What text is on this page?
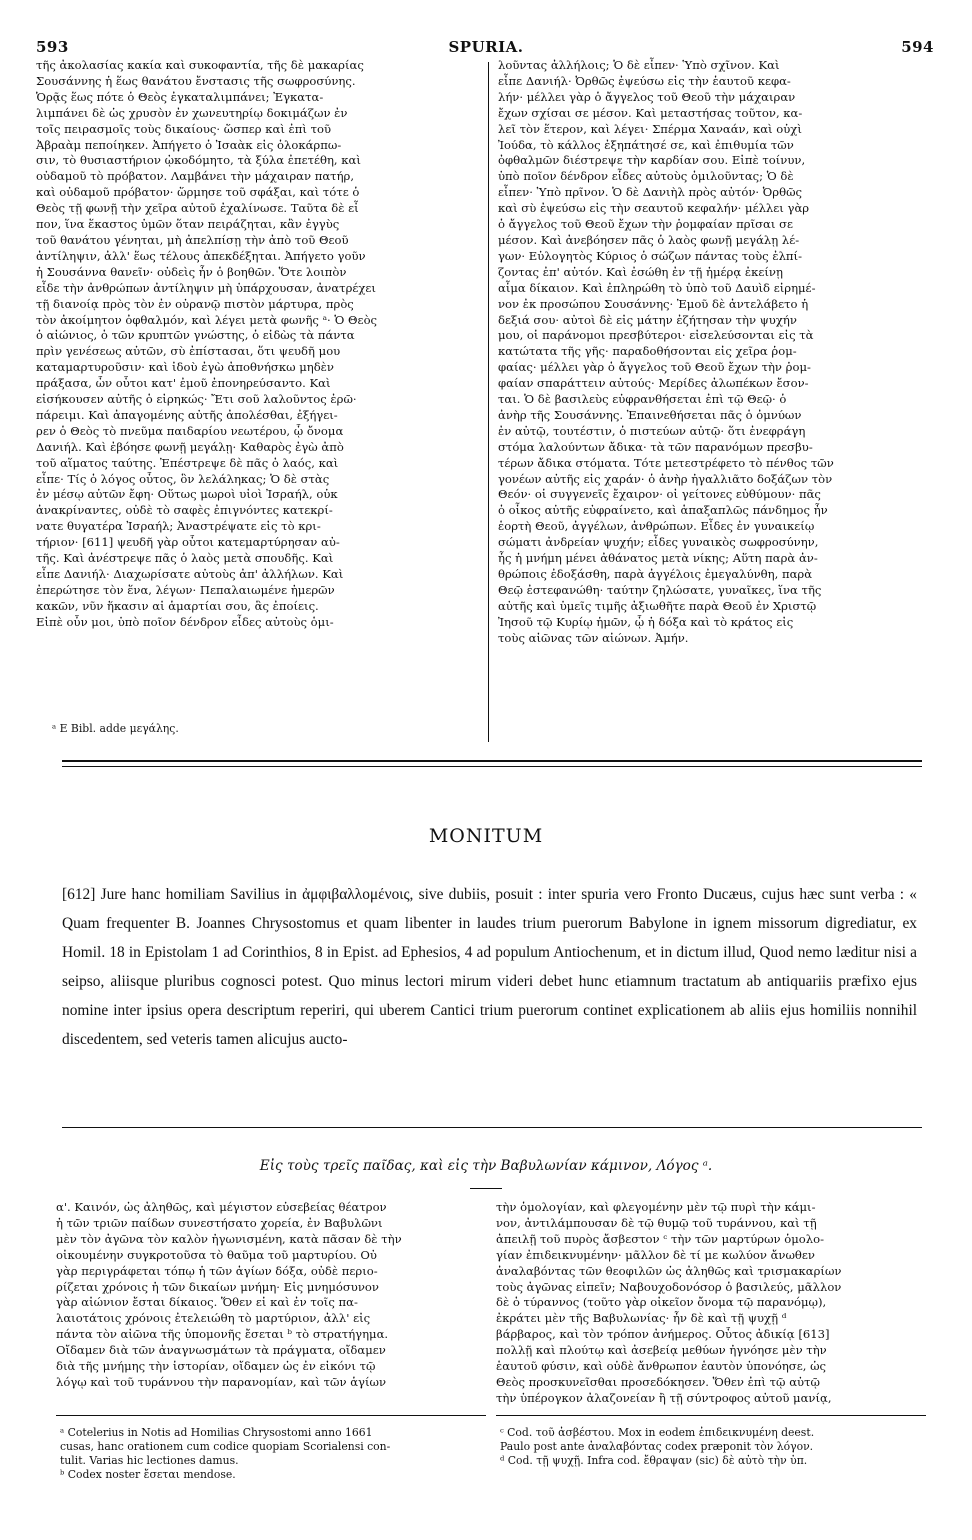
593	SPURIA.	594
τῆς ἀκολασίας κακία καὶ συκοφαντία, τῆς δὲ μακαρίας
Σουσάννης ἡ ἕως θανάτου ἔνστασις τῆς σωφροσύνης.
Ὁρᾷς ἕως πότε ὁ Θεὸς ἐγκαταλιμπάνει; Ἐγκατα-
λιμπάνει δὲ ὡς χρυσὸν ἐν χωνευτηρίῳ δοκιμάζων ἐν
τοῖς πειρασμοῖς τοὺς δικαίους· ὥσπερ καὶ ἐπὶ τοῦ
Ἀβραὰμ πεποίηκεν. Ἀπήγετο ὁ Ἰσαὰκ εἰς ὁλοκάρπω-
σιν, τὸ θυσιαστήριον ᾠκοδόμητο, τὰ ξύλα ἐπετέθη, καὶ
οὐδαμοῦ τὸ πρόβατον. Λαμβάνει τὴν μάχαιραν πατήρ,
καὶ οὐδαμοῦ πρόβατον· ὥρμησε τοῦ σφάξαι, καὶ τότε ὁ
Θεὸς τῇ φωνῇ τὴν χεῖρα αὐτοῦ ἐχαλίνωσε. Ταῦτα δὲ εἶ
πον, ἵνα ἕκαστος ὑμῶν ὅταν πειράζηται, κἂν ἐγγὺς
τοῦ θανάτου γένηται, μὴ ἀπελπίσῃ τὴν ἀπὸ τοῦ Θεοῦ
ἀντίληψιν, ἀλλ' ἕως τέλους ἀπεκδέξηται. Ἀπήγετο γοῦν
ἡ Σουσάννα θανεῖν· οὐδεὶς ἦν ὁ βοηθῶν. Ὅτε λοιπὸν
εἶδε τὴν ἀνθρώπων ἀντίληψιν μὴ ὑπάρχουσαν, ἀνατρέχει
τῇ διανοίᾳ πρὸς τὸν ἐν οὐρανῷ πιστὸν μάρτυρα, πρὸς
τὸν ἀκοίμητον ὀφθαλμόν, καὶ λέγει μετὰ φωνῆς ᵃ· Ὁ Θεὸς
ὁ αἰώνιος, ὁ τῶν κρυπτῶν γνώστης, ὁ εἰδὼς τὰ πάντα
πρὶν γενέσεως αὐτῶν, σὺ ἐπίστασαι, ὅτι ψευδῆ μου
καταμαρτυροῦσιν· καὶ ἰδοὺ ἐγὼ ἀποθνήσκω μηδὲν
πράξασα, ὧν οὗτοι κατ' ἐμοῦ ἐπονηρεύσαντο. Καὶ
εἰσήκουσεν αὐτῆς ὁ εἰρηκώς· Ἔτι σοῦ λαλοῦντος ἐρῶ·
πάρειμι. Καὶ ἀπαγομένης αὐτῆς ἀπολέσθαι, ἐξήγει-
ρεν ὁ Θεὸς τὸ πνεῦμα παιδαρίου νεωτέρου, ᾧ ὄνομα
Δανιήλ. Καὶ ἐβόησε φωνῇ μεγάλῃ· Καθαρὸς ἐγὼ ἀπὸ
τοῦ αἵματος ταύτης. Ἐπέστρεψε δὲ πᾶς ὁ λαός, καὶ
εἶπε· Τίς ὁ λόγος οὗτος, ὃν λελάληκας; Ὁ δὲ στὰς
ἐν μέσῳ αὐτῶν ἔφη· Οὕτως μωροὶ υἱοὶ Ἰσραήλ, οὐκ
ἀνακρίναντες, οὐδὲ τὸ σαφὲς ἐπιγνόντες κατεκρί-
νατε θυγατέρα Ἰσραήλ; Ἀναστρέψατε εἰς τὸ κρι-
τήριον· [611] ψευδῆ γὰρ οὗτοι κατεμαρτύρησαν αὐ-
τῆς. Καὶ ἀνέστρεψε πᾶς ὁ λαὸς μετὰ σπουδῆς. Καὶ
εἶπε Δανιήλ· Διαχωρίσατε αὐτοὺς ἀπ' ἀλλήλων. Καὶ
ἐπερώτησε τὸν ἕνα, λέγων· Πεπαλαιωμένε ἡμερῶν
κακῶν, νῦν ἥκασιν αἱ ἁμαρτίαι σου, ἃς ἐποίεις.
Εἰπὲ οὖν μοι, ὑπὸ ποῖον δένδρον εἶδες αὐτοὺς ὁμι-
λοῦντας ἀλλήλοις; Ὁ δὲ εἶπεν· Ὑπὸ σχῖνον. Καὶ
εἶπε Δανιήλ· Ὀρθῶς ἐψεύσω εἰς τὴν ἑαυτοῦ κεφα-
λήν· μέλλει γὰρ ὁ ἄγγελος τοῦ Θεοῦ τὴν μάχαιραν
ἔχων σχίσαι σε μέσον. Καὶ μεταστήσας τοῦτον, κα-
λεῖ τὸν ἕτερον, καὶ λέγει· Σπέρμα Χαναάν, καὶ οὐχὶ
Ἰούδα, τὸ κάλλος ἐξηπάτησέ σε, καὶ ἐπιθυμία τῶν
ὀφθαλμῶν διέστρεψε τὴν καρδίαν σου. Εἰπὲ τοίνυν,
ὑπὸ ποῖον δένδρον εἶδες αὐτοὺς ὁμιλοῦντας; Ὁ δὲ
εἶπεν· Ὑπὸ πρῖνον. Ὁ δὲ Δανιὴλ πρὸς αὐτόν· Ὀρθῶς
καὶ σὺ ἐψεύσω εἰς τὴν σεαυτοῦ κεφαλήν· μέλλει γὰρ
ὁ ἄγγελος τοῦ Θεοῦ ἔχων τὴν ῥομφαίαν πρῖσαι σε
μέσον. Καὶ ἀνεβόησεν πᾶς ὁ λαὸς φωνῇ μεγάλῃ λέ-
γων· Εὐλογητὸς Κύριος ὁ σώζων πάντας τοὺς ἐλπί-
ζοντας ἐπ' αὐτόν. Καὶ ἐσώθη ἐν τῇ ἡμέρᾳ ἐκείνῃ
αἷμα δίκαιον. Καὶ ἐπληρώθη τὸ ὑπὸ τοῦ Δαυὶδ εἰρημέ-
νον ἐκ προσώπου Σουσάννης· Ἐμοῦ δὲ ἀντελάβετο ἡ
δεξιά σου· αὐτοὶ δὲ εἰς μάτην ἐζήτησαν τὴν ψυχήν
μου, οἱ παράνομοι πρεσβύτεροι· εἰσελεύσονται εἰς τὰ
κατώτατα τῆς γῆς· παραδοθήσονται εἰς χεῖρα ῥομ-
φαίας· μέλλει γὰρ ὁ ἄγγελος τοῦ Θεοῦ ἔχων τὴν ῥομ-
φαίαν σπαράττειν αὐτούς· Μερίδες ἀλωπέκων ἔσον-
ται. Ὁ δὲ βασιλεὺς εὐφρανθήσεται ἐπὶ τῷ Θεῷ· ὁ
ἀνὴρ τῆς Σουσάννης. Ἐπαινεθήσεται πᾶς ὁ ὀμνύων
ἐν αὐτῷ, τουτέστιν, ὁ πιστεύων αὐτῷ· ὅτι ἐνεφράγη
στόμα λαλούντων ἄδικα· τὰ τῶν παρανόμων πρεσβυ-
τέρων ἄδικα στόματα. Τότε μετεστρέφετο τὸ πένθος τῶν
γονέων αὐτῆς εἰς χαράν· ὁ ἀνὴρ ἠγαλλιᾶτο δοξάζων τὸν
Θεόν· οἱ συγγενεῖς ἔχαιρον· οἱ γείτονες εὐθύμουν· πᾶς
ὁ οἶκος αὐτῆς εὐφραίνετο, καὶ ἁπαξαπλῶς πάνδημος ἦν
ἑορτὴ Θεοῦ, ἀγγέλων, ἀνθρώπων. Εἶδες ἐν γυναικείῳ
σώματι ἀνδρείαν ψυχήν; εἶδες γυναικὸς σωφροσύνην,
ἧς ἡ μνήμη μένει ἀθάνατος μετὰ νίκης; Αὕτη παρὰ ἀν-
θρώποις ἐδοξάσθη, παρὰ ἀγγέλοις ἐμεγαλύνθη, παρὰ
Θεῷ ἐστεφανώθη· ταύτην ζηλώσατε, γυναῖκες, ἵνα τῆς
αὐτῆς καὶ ὑμεῖς τιμῆς ἀξιωθῆτε παρὰ Θεοῦ ἐν Χριστῷ
Ἰησοῦ τῷ Κυρίῳ ἡμῶν, ᾧ ἡ δόξα καὶ τὸ κράτος εἰς
τοὺς αἰῶνας τῶν αἰώνων. Ἀμήν.
ᵃ E Bibl. adde μεγάλης.
MONITUM
[612] Jure hanc homiliam Savilius in ἀμφιβαλλομένοις, sive dubiis, posuit : inter spuria vero Fronto Ducæus, cujus hæc sunt verba : « Quam frequenter B. Joannes Chrysostomus et quam libenter in laudes trium puerorum Babylone in ignem missorum digrediatur, ex Homil. 18 in Epistolam 1 ad Corinthios, 8 in Epist. ad Ephesios, 4 ad populum Antiochenum, et in dictum illud, Quod nemo læditur nisi a seipso, aliisque pluribus cognosci potest. Quo minus lectori mirum videri debet hunc etiamnum tractatum ab antiquariis præfixo ejus nomine inter ipsius opera descriptum reperiri, qui uberem Cantici trium puerorum continet explicationem ab aliis ejus homiliis nonnihil discedentem, sed veteris tamen alicujus aucto-
Εἰς τοὺς τρεῖς παῖδας, καὶ εἰς τὴν Βαβυλωνίαν κάμινον, Λόγος ᵃ.
α'. Καινόν, ὡς ἀληθῶς, καὶ μέγιστον εὐσεβείας θέατρον
ἡ τῶν τριῶν παίδων συνεστήσατο χορεία, ἐν Βαβυλῶνι
μὲν τὸν ἀγῶνα τὸν καλὸν ἠγωνισμένη, κατὰ πᾶσαν δὲ τὴν
οἰκουμένην συγκροτοῦσα τὸ θαῦμα τοῦ μαρτυρίου. Οὐ
γὰρ περιγράφεται τόπῳ ἡ τῶν ἁγίων δόξα, οὐδὲ περιο-
ρίζεται χρόνοις ἡ τῶν δικαίων μνήμη· Εἰς μνημόσυνον
γὰρ αἰώνιον ἔσται δίκαιος. Ὅθεν εἰ καὶ ἐν τοῖς πα-
λαιοτάτοις χρόνοις ἐτελειώθη τὸ μαρτύριον, ἀλλ' εἰς
πάντα τὸν αἰῶνα τῆς ὑπομονῆς ἔσεται ᵇ τὸ στρατήγημα.
Οἴδαμεν διὰ τῶν ἀναγνωσμάτων τὰ πράγματα, οἴδαμεν
διὰ τῆς μνήμης τὴν ἱστορίαν, οἴδαμεν ὡς ἐν εἰκόνι τῷ
λόγῳ καὶ τοῦ τυράννου τὴν παρανομίαν, καὶ τῶν ἁγίων
ᵃ Cotelerius in Notis ad Homilias Chrysostomi anno 1661
cusas, hanc orationem cum codice quopiam Scorialensi con-
tulit. Varias hic lectiones damus.
ᵇ Codex noster ἔσεται mendose.
τὴν ὁμολογίαν, καὶ φλεγομένην μὲν τῷ πυρὶ τὴν κάμι-
νον, ἀντιλάμπουσαν δὲ τῷ θυμῷ τοῦ τυράννου, καὶ τῇ
ἀπειλῇ τοῦ πυρὸς ἄσβεστον ᶜ τὴν τῶν μαρτύρων ὁμολο-
γίαν ἐπιδεικνυμένην· μᾶλλον δὲ τί με κωλύον ἄνωθεν
ἀναλαβόντας τῶν θεοφιλῶν ὡς ἀληθῶς καὶ τρισμακαρίων
τοὺς ἀγῶνας εἰπεῖν; Ναβουχοδονόσορ ὁ βασιλεύς, μᾶλλον
δὲ ὁ τύραννος (τοῦτο γὰρ οἰκεῖον ὄνομα τῷ παρανόμῳ),
ἐκράτει μὲν τῆς Βαβυλωνίας· ἦν δὲ καὶ τῇ ψυχῇ ᵈ
βάρβαρος, καὶ τὸν τρόπον ἀνήμερος. Οὗτος ἀδικίᾳ [613]
πολλῇ καὶ πλούτῳ καὶ ἀσεβείᾳ μεθύων ἠγνόησε μὲν τὴν
ἑαυτοῦ φύσιν, καὶ οὐδὲ ἄνθρωπον ἑαυτὸν ὑπονόησε, ὡς
Θεὸς προσκυνεῖσθαι προσεδόκησεν. Ὅθεν ἐπὶ τῷ αὐτῷ
τὴν ὑπέρογκον ἀλαζονείαν ἢ τῇ σύντροφος αὐτοῦ μανίᾳ,
ᶜ Cod. τοῦ ἀσβέστου. Mox in eodem ἐπιδεικνυμένη deest.
Paulo post ante ἀναλαβόντας codex præponit τὸν λόγον.
ᵈ Cod. τῇ ψυχῇ. Infra cod. ἔθραψαν (sic) δὲ αὐτὸ τὴν ὑπ.
